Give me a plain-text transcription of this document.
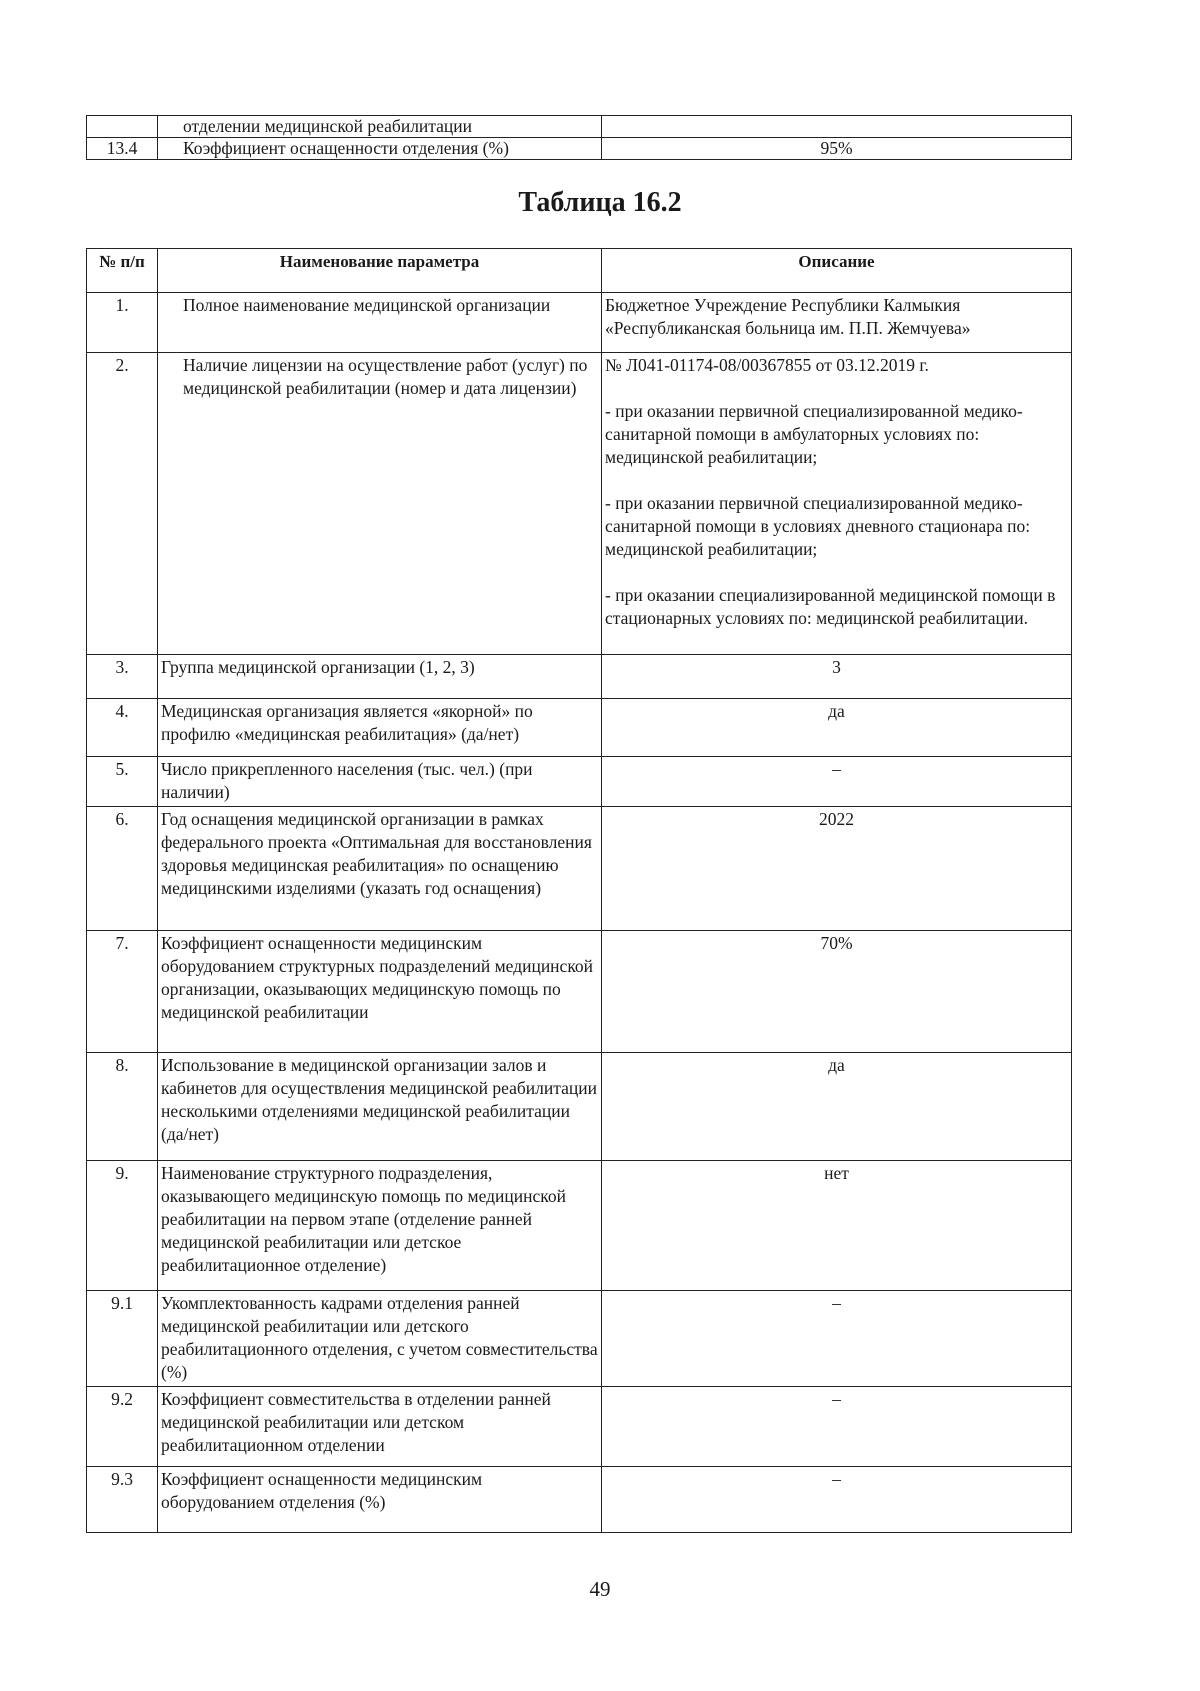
	отделении медицинской реабилитации	
13.4	Коэффициент оснащенности отделения (%)	95%
Таблица 16.2
№ п/п	Наименование параметра	Описание
1.	Полное наименование медицинской организации	Бюджетное Учреждение Республики Калмыкия «Республиканская больница им. П.П. Жемчуева»
2.	Наличие лицензии на осуществление работ (услуг) по медицинской реабилитации (номер и дата лицензии)	№ Л041-01174-08/00367855 от 03.12.2019 г.
- при оказании первичной специализированной медико-санитарной помощи в амбулаторных условиях по: медицинской реабилитации;
- при оказании первичной специализированной медико-санитарной помощи в условиях дневного стационара по: медицинской реабилитации;
- при оказании специализированной медицинской помощи в стационарных условиях по: медицинской реабилитации.

3.	Группа медицинской организации (1, 2, 3)	3
4.	Медицинская организация является «якорной» по профилю «медицинская реабилитация» (да/нет)	да
5.	Число прикрепленного населения (тыс. чел.) (при наличии)	–
6.	Год оснащения медицинской организации в рамках федерального проекта «Оптимальная для восстановления здоровья медицинская реабилитация» по оснащению медицинскими изделиями (указать год оснащения)	2022
7.	Коэффициент оснащенности медицинским оборудованием структурных подразделений медицинской организации, оказывающих медицинскую помощь по медицинской реабилитации	70%
8.	Использование в медицинской организации залов и кабинетов для осуществления медицинской реабилитации несколькими отделениями медицинской реабилитации (да/нет)	да
9.	Наименование структурного подразделения, оказывающего медицинскую помощь по медицинской реабилитации на первом этапе (отделение ранней медицинской реабилитации или детское реабилитационное отделение)	нет
9.1	Укомплектованность кадрами отделения ранней медицинской реабилитации или детского реабилитационного отделения, с учетом совместительства (%)	–
9.2	Коэффициент совместительства в отделении ранней медицинской реабилитации или детском реабилитационном отделении	–
9.3	Коэффициент оснащенности медицинским оборудованием отделения (%)	–
49
